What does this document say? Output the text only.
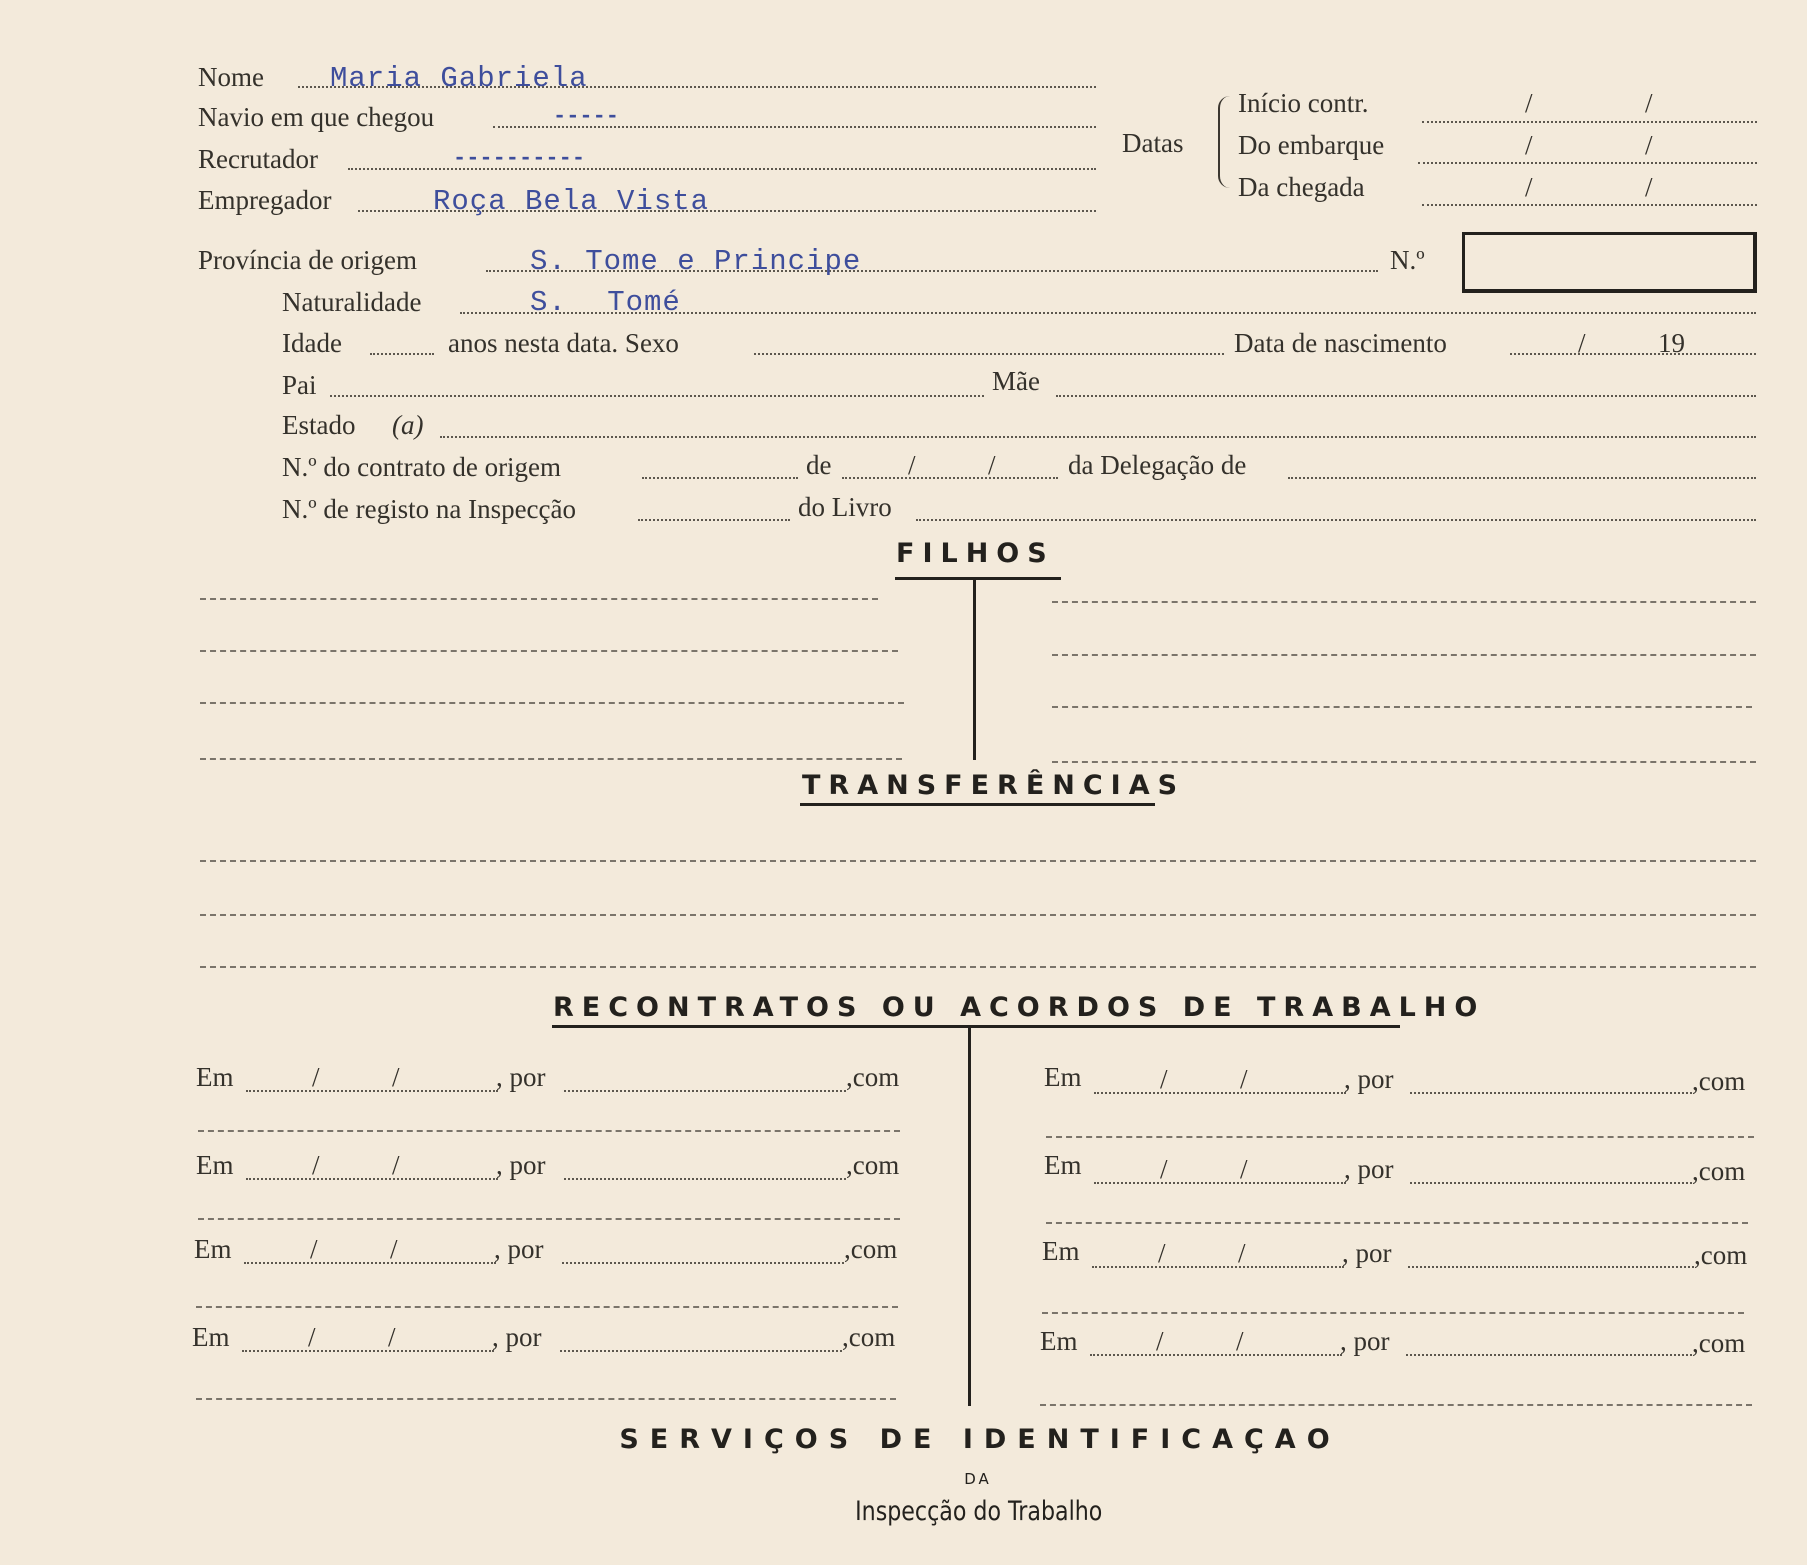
Nome Maria Gabriela
Navio em que chegou	-----
Recrutador	----------
Empregador	Roça Bela Vista
Datas
Início contr.	/	/
Do embarque	/	/
Da chegada	/	/
Província de origem	S. Tome e Principe	N.º
Naturalidade	S. Tomé
Idade	anos nesta data. Sexo	Data de nascimento	/	19
Pai	Mãe
Estado (a)
N.º do contrato de origem	de	/	/	da Delegação de
N.º de registo na Inspecção	do Livro
FILHOS
TRANSFERÊNCIAS
RECONTRATOS OU ACORDOS DE TRABALHO
Em	/	/	, por	,com
Em	/	/	, por	,com
Em	/	/	, por	,com
Em	/	/	, por	,com
Em	/	/	, por	,com
Em	/	/	, por	,com
Em	/	/	, por	,com
Em	/	/	, por	,com
SERVIÇOS DE IDENTIFICAÇAO
DA
Inspecção do Trabalho
